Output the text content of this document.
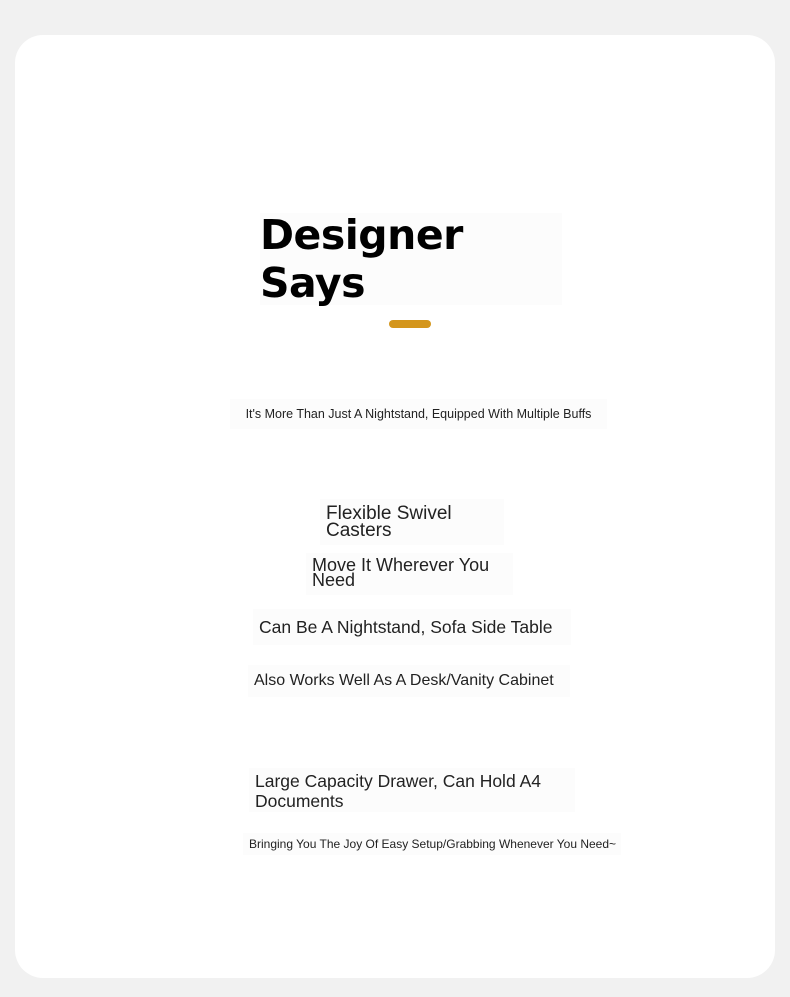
Designer Says
It's More Than Just A Nightstand, Equipped With Multiple Buffs
Flexible Swivel Casters
Move It Wherever You Need
Can Be A Nightstand, Sofa Side Table
Also Works Well As A Desk/Vanity Cabinet
Large Capacity Drawer, Can Hold A4 Documents
Bringing You The Joy Of Easy Setup/Grabbing Whenever You Need~
